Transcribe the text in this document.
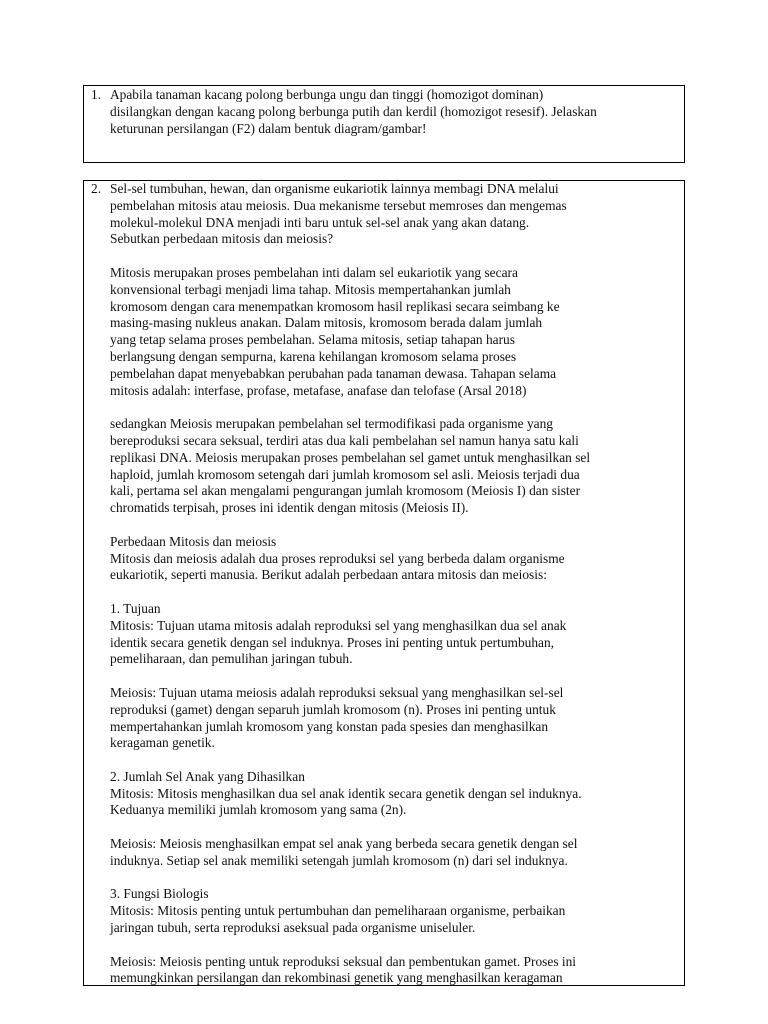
1. Apabila tanaman kacang polong berbunga ungu dan tinggi (homozigot dominan)
disilangkan dengan kacang polong berbunga putih dan kerdil (homozigot resesif). Jelaskan
keturunan persilangan (F2) dalam bentuk diagram/gambar!

2. Sel-sel tumbuhan, hewan, dan organisme eukariotik lainnya membagi DNA melalui
pembelahan mitosis atau meiosis. Dua mekanisme tersebut memroses dan mengemas
molekul-molekul DNA menjadi inti baru untuk sel-sel anak yang akan datang.
Sebutkan perbedaan mitosis dan meiosis?

Mitosis merupakan proses pembelahan inti dalam sel eukariotik yang secara
konvensional terbagi menjadi lima tahap. Mitosis mempertahankan jumlah
kromosom dengan cara menempatkan kromosom hasil replikasi secara seimbang ke
masing-masing nukleus anakan. Dalam mitosis, kromosom berada dalam jumlah
yang tetap selama proses pembelahan. Selama mitosis, setiap tahapan harus
berlangsung dengan sempurna, karena kehilangan kromosom selama proses
pembelahan dapat menyebabkan perubahan pada tanaman dewasa. Tahapan selama
mitosis adalah: interfase, profase, metafase, anafase dan telofase (Arsal 2018)

sedangkan Meiosis merupakan pembelahan sel termodifikasi pada organisme yang
bereproduksi secara seksual, terdiri atas dua kali pembelahan sel namun hanya satu kali
replikasi DNA. Meiosis merupakan proses pembelahan sel gamet untuk menghasilkan sel
haploid, jumlah kromosom setengah dari jumlah kromosom sel asli. Meiosis terjadi dua
kali, pertama sel akan mengalami pengurangan jumlah kromosom (Meiosis I) dan sister
chromatids terpisah, proses ini identik dengan mitosis (Meiosis II).

Perbedaan Mitosis dan meiosis

Mitosis dan meiosis adalah dua proses reproduksi sel yang berbeda dalam organisme
eukariotik, seperti manusia. Berikut adalah perbedaan antara mitosis dan meiosis:

1. Tujuan

Mitosis: Tujuan utama mitosis adalah reproduksi sel yang menghasilkan dua sel anak
identik secara genetik dengan sel induknya. Proses ini penting untuk pertumbuhan,
pemeliharaan, dan pemulihan jaringan tubuh.

Meiosis: Tujuan utama meiosis adalah reproduksi seksual yang menghasilkan sel-sel
reproduksi (gamet) dengan separuh jumlah kromosom (n). Proses ini penting untuk
mempertahankan jumlah kromosom yang konstan pada spesies dan menghasilkan
keragaman genetik.

2. Jumlah Sel Anak yang Dihasilkan

Mitosis: Mitosis menghasilkan dua sel anak identik secara genetik dengan sel induknya.
Keduanya memiliki jumlah kromosom yang sama (2n).

Meiosis: Meiosis menghasilkan empat sel anak yang berbeda secara genetik dengan sel
induknya. Setiap sel anak memiliki setengah jumlah kromosom (n) dari sel induknya.

3. Fungsi Biologis

Mitosis: Mitosis penting untuk pertumbuhan dan pemeliharaan organisme, perbaikan
jaringan tubuh, serta reproduksi aseksual pada organisme uniseluler.

Meiosis: Meiosis penting untuk reproduksi seksual dan pembentukan gamet. Proses ini
memungkinkan persilangan dan rekombinasi genetik yang menghasilkan keragaman
